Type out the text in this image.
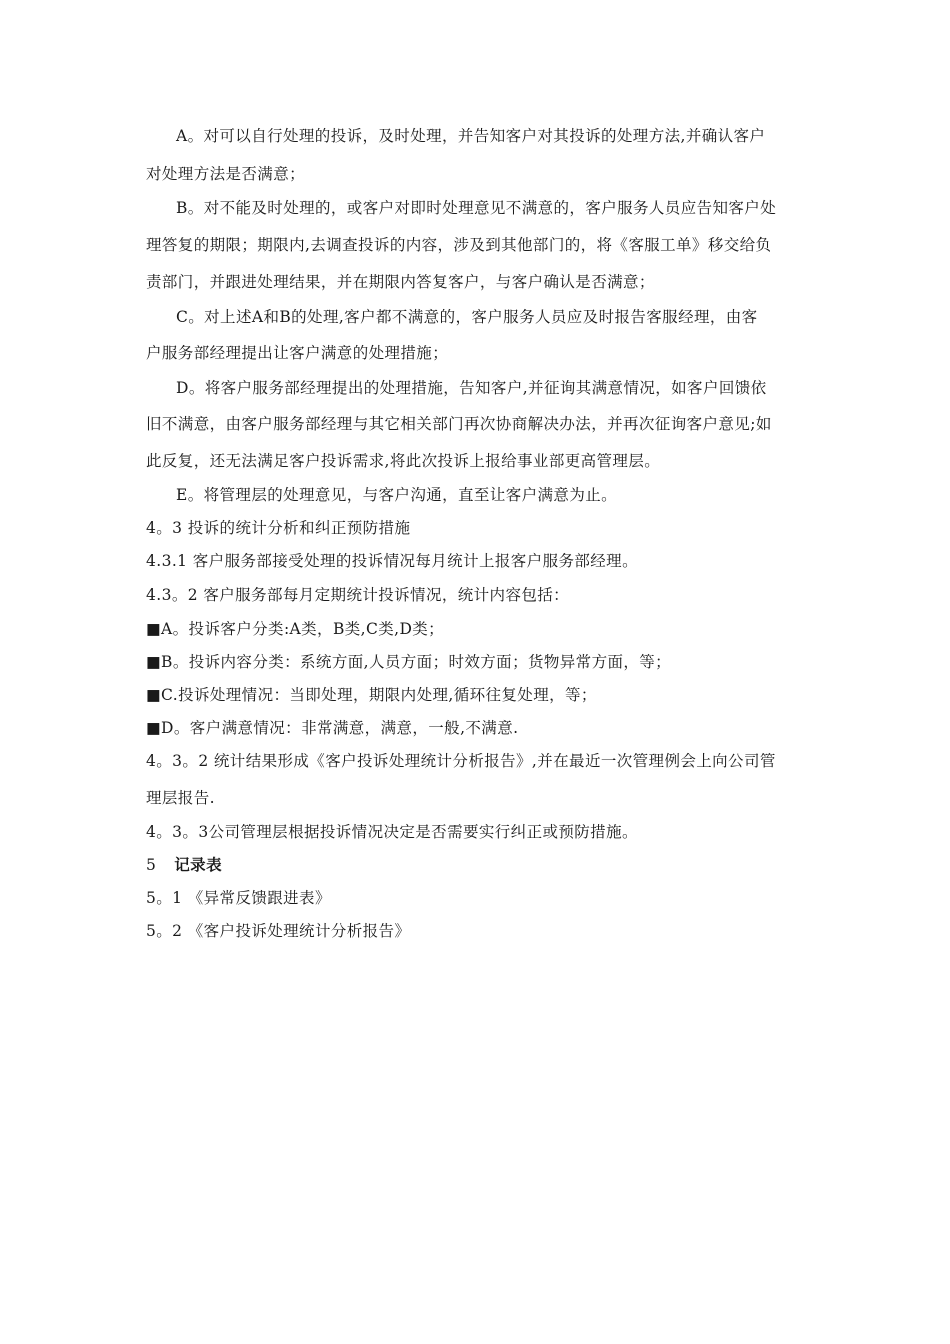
A。对可以自行处理的投诉，及时处理，并告知客户对其投诉的处理方法,并确认客户
对处理方法是否满意；
B。对不能及时处理的，或客户对即时处理意见不满意的，客户服务人员应告知客户处
理答复的期限；期限内,去调查投诉的内容，涉及到其他部门的，将《客服工单》移交给负
责部门，并跟进处理结果，并在期限内答复客户，与客户确认是否满意；
C。对上述A和B的处理,客户都不满意的，客户服务人员应及时报告客服经理，由客
户服务部经理提出让客户满意的处理措施；
D。将客户服务部经理提出的处理措施，告知客户,并征询其满意情况，如客户回馈依
旧不满意，由客户服务部经理与其它相关部门再次协商解决办法，并再次征询客户意见;如
此反复，还无法满足客户投诉需求,将此次投诉上报给事业部更高管理层。
E。将管理层的处理意见，与客户沟通，直至让客户满意为止。
4。3 投诉的统计分析和纠正预防措施
4.3.1 客户服务部接受处理的投诉情况每月统计上报客户服务部经理。
4.3。2 客户服务部每月定期统计投诉情况，统计内容包括：
■A。投诉客户分类:A类，B类,C类,D类；
■B。投诉内容分类：系统方面,人员方面；时效方面；货物异常方面，等；
■C.投诉处理情况：当即处理，期限内处理,循环往复处理，等；
■D。客户满意情况：非常满意，满意，一般,不满意.
4。3。2 统计结果形成《客户投诉处理统计分析报告》,并在最近一次管理例会上向公司管
理层报告.
4。3。3公司管理层根据投诉情况决定是否需要实行纠正或预防措施。
5 记录表
5。1 《异常反馈跟进表》
5。2 《客户投诉处理统计分析报告》
